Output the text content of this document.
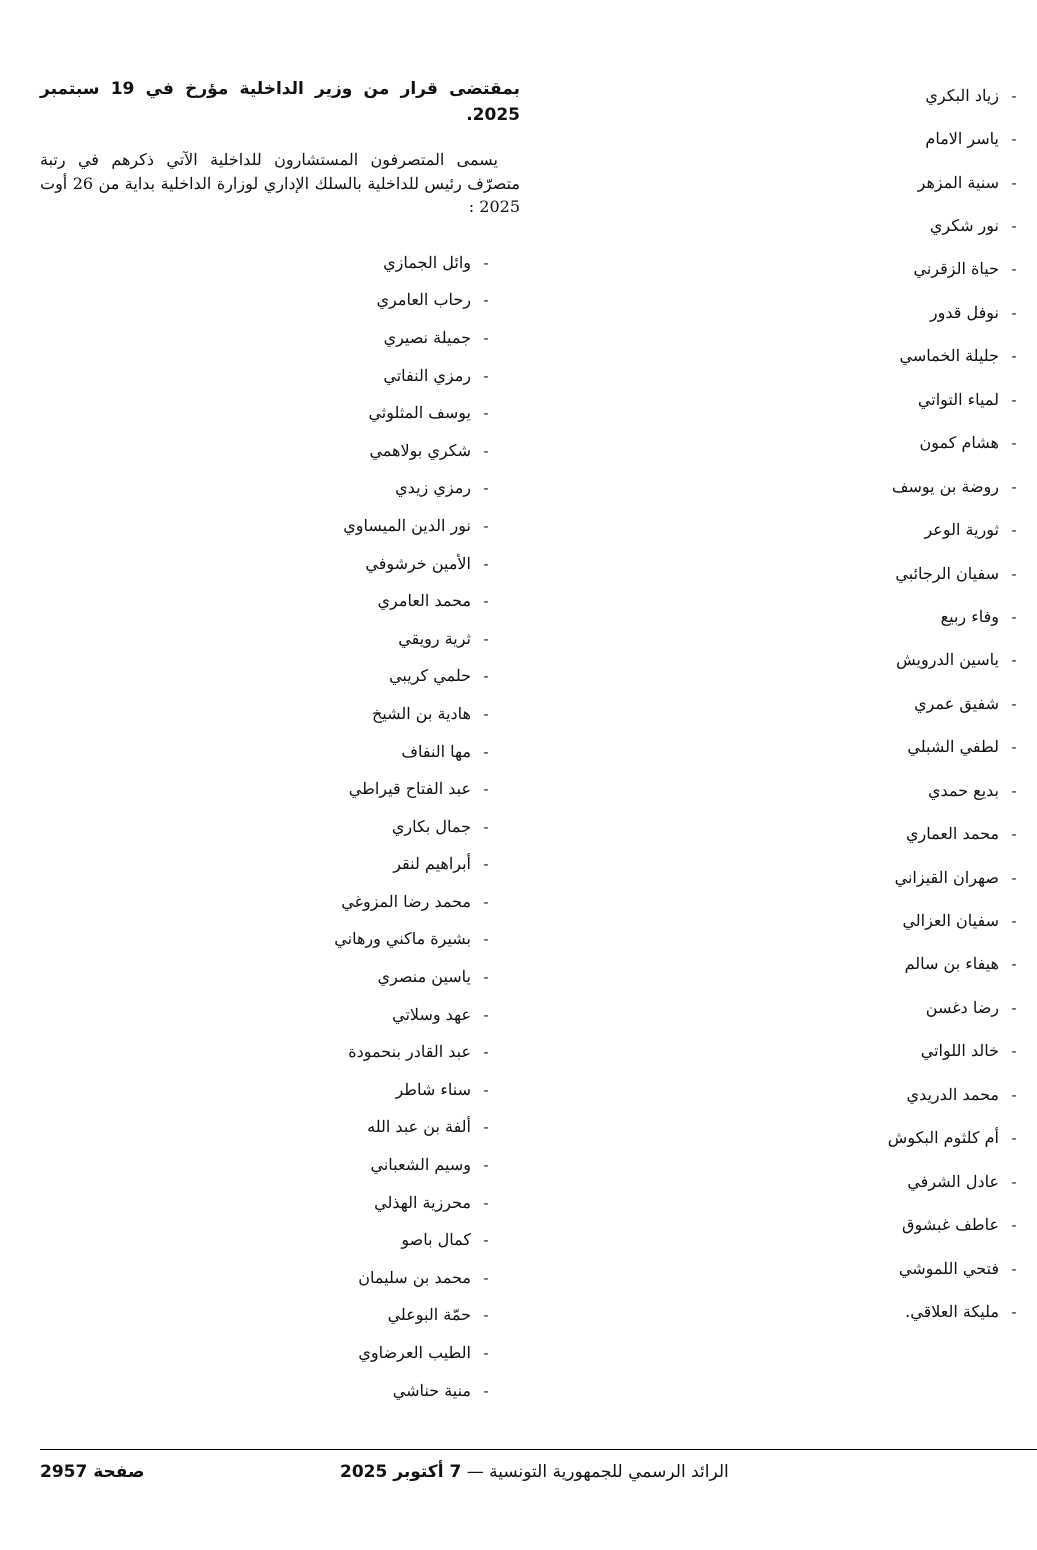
-
زياد البكري
-
ياسر الامام
-
سنية المزهر
-
نور شكري
-
حياة الزقرني
-
نوفل قدور
-
جليلة الخماسي
-
لمياء التواتي
-
هشام كمون
-
روضة بن يوسف
-
ثورية الوعر
-
سفيان الرجائبي
-
وفاء ربيع
-
ياسين الدرويش
-
شفيق عمري
-
لطفي الشبلي
-
بديع حمدي
-
محمد العماري
-
صهران القيزاني
-
سفيان العزالي
-
هيفاء بن سالم
-
رضا دغسن
-
خالد اللواتي
-
محمد الدريدي
-
أم كلثوم البكوش
-
عادل الشرفي
-
عاطف غبشوق
-
فتحي اللموشي
-
مليكة العلاقي.
بمقتضى قرار من وزير الداخلية مؤرخ في 19 سبتمبر 2025.
يسمى المتصرفون المستشارون للداخلية الآتي ذكرهم في رتبة متصرّف رئيس للداخلية بالسلك الإداري لوزارة الداخلية بداية من 26 أوت 2025 :
-
وائل الجمازي
-
رحاب العامري
-
جميلة نصيري
-
رمزي النفاتي
-
يوسف المثلوثي
-
شكري بولاهمي
-
رمزي زيدي
-
نور الدين الميساوي
-
الأمين خرشوفي
-
محمد العامري
-
ثرية رويقي
-
حلمي كريبي
-
هادية بن الشيخ
-
مها النفاف
-
عبد الفتاح قيراطي
-
جمال بكاري
-
أبراهيم لنقر
-
محمد رضا المزوغي
-
بشيرة ماكني ورهاني
-
ياسين منصري
-
عهد وسلاتي
-
عبد القادر بنحمودة
-
سناء شاطر
-
ألفة بن عبد الله
-
وسيم الشعباني
-
محرزية الهذلي
-
كمال باصو
-
محمد بن سليمان
-
حمّة البوعلي
-
الطيب العرضاوي
-
منية حناشي
صفحة 2957	الرائد الرسمي للجمهورية التونسية — 7 أكتوبر 2025
